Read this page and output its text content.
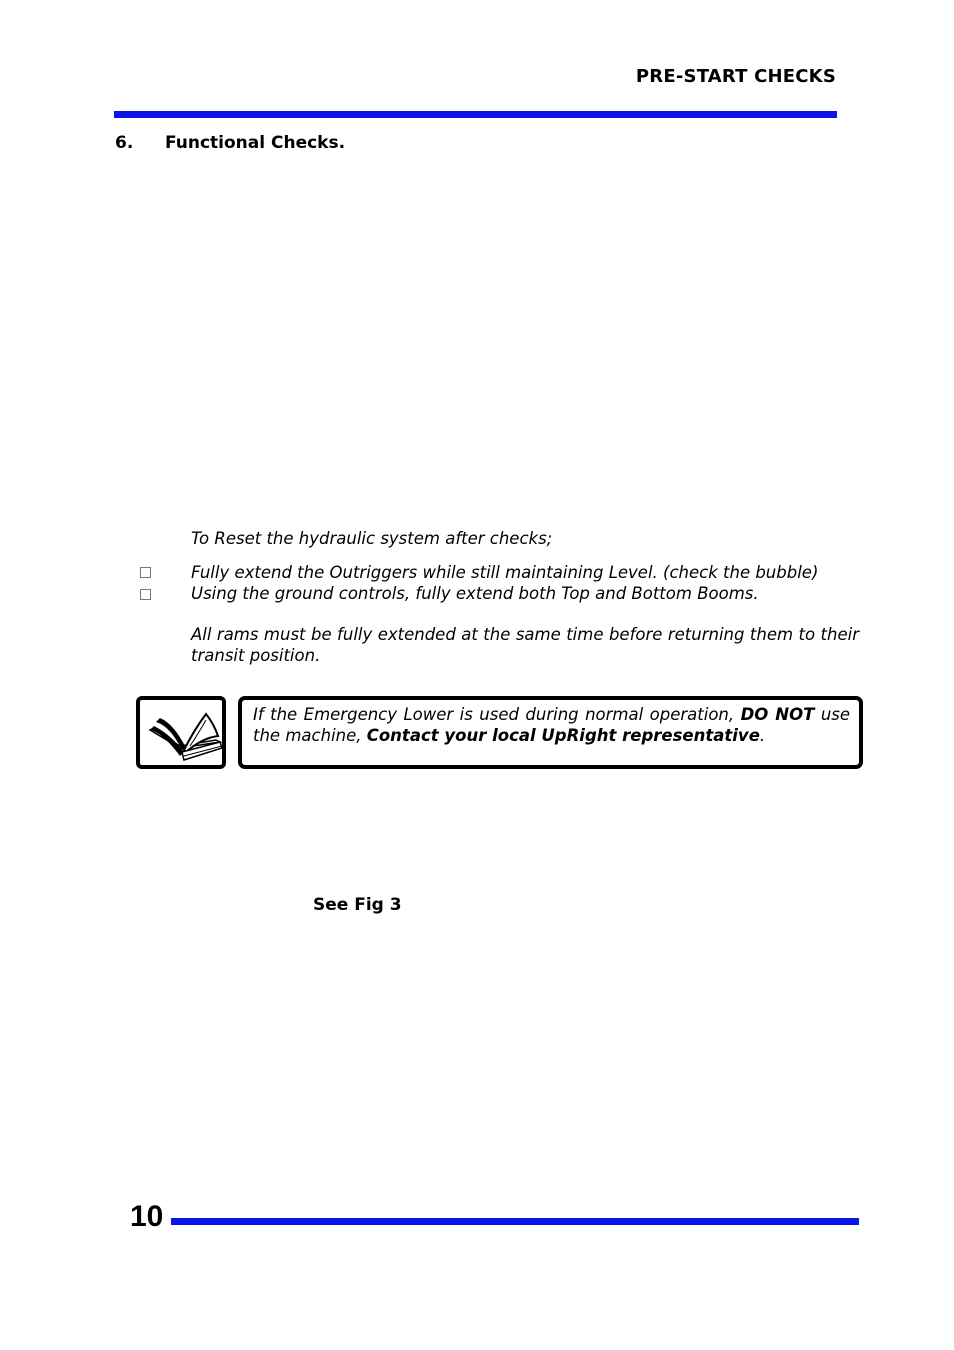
PRE-START CHECKS
6. Functional Checks.
To Reset the hydraulic system after checks;
Fully extend the Outriggers while still maintaining Level. (check the bubble)
Using the ground controls, fully extend both Top and Bottom Booms.
All rams must be fully extended at the same time before returning them to their transit position.
If the Emergency Lower is used during normal operation, DO NOT use the machine, Contact your local UpRight representative.
See Fig 3
10
